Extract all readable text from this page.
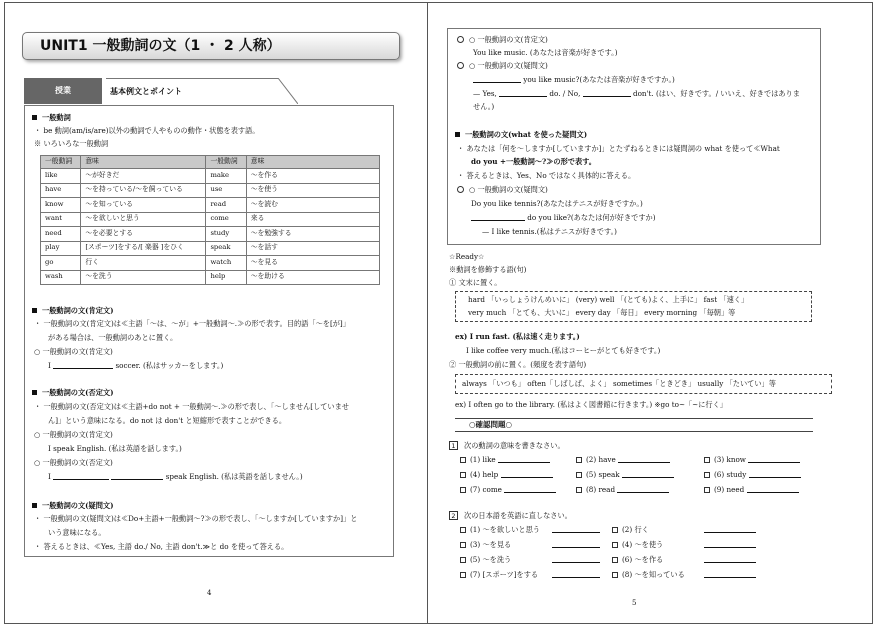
UNIT1 一般動詞の文（1 ・ 2 人称）
授業	基本例文とポイント
一般動詞
・ be 動詞(am/is/are)以外の動詞で人やものの動作・状態を表す語。
※ いろいろな一般動詞
一般動詞	意味	一般動詞	意味
like	～が好きだ	make	～を作る
have	～を持っている/～を飼っている	use	～を使う
know	～を知っている	read	～を読む
want	～を欲しいと思う	come	来る
need	～を必要とする	study	～を勉強する
play	[スポーツ]をする/[ 楽器 ]をひく	speak	～を話す
go	行く	watch	～を見る
wash	～を洗う	help	～を助ける
一般動詞の文(肯定文)
・ 一般動詞の文(肯定文)は≪主語「～は、～が」+一般動詞～.≫の形で表す。目的語「～を[が]」
がある場合は、一般動詞のあとに置く。
○ 一般動詞の文(肯定文)
I	soccer. (私はサッカーをします。)
一般動詞の文(否定文)
・ 一般動詞の文(否定文)は≪主語+do not + 一般動詞～.≫の形で表し、「～しません[していませ
ん]」という意味になる。do not は don't と短縮形で表すことができる。
○ 一般動詞の文(肯定文)
I speak English. (私は英語を話します。)
○ 一般動詞の文(否定文)
I	speak English. (私は英語を話しません。)
一般動詞の文(疑問文)
・ 一般動詞の文(疑問文)は≪Do+主語+一般動詞～?≫の形で表し、「～しますか[していますか]」と
いう意味になる。
・ 答えるときは、≪Yes, 主語 do./ No, 主語 don't.≫と do を使って答える。
4
○ 一般動詞の文(肯定文)
You like music. (あなたは音楽が好きです。)
○ 一般動詞の文(疑問文)
you like music?(あなたは音楽が好きですか。)
— Yes,	do. / No,	don't. (はい、好きです。/ いいえ、好きではありま
せん。)
一般動詞の文(what を使った疑問文)
・ あなたは「何を～しますか[していますか]」とたずねるときには疑問詞の what を使って≪What
do you +一般動詞～?≫の形で表す。
・ 答えるときは、Yes、No ではなく具体的に答える。
○ 一般動詞の文(疑問文)
Do you like tennis?(あなたはテニスが好きですか。)
do you like?(あなたは何が好きですか)
— I like tennis.(私はテニスが好きです。)
☆Ready☆
※動詞を修飾する語(句)
① 文末に置く。
hard 「いっしょうけんめいに」 (very) well 「(とても)よく、上手に」 fast 「速く」
very much 「とても、大いに」 every day 「毎日」 every morning 「毎朝」等
ex) I run fast. (私は速く走ります。)
I like coffee very much.(私はコーヒーがとても好きです。)
② 一般動詞の前に置く。(頻度を表す語句)
always 「いつも」 often「しばしば、よく」 sometimes「ときどき」 usually 「たいてい」等
ex) I often go to the library. (私はよく図書館に行きます。) ※go to~「~に行く」
○確認問題○
1 次の動詞の意味を書きなさい。
(1) like	(2) have	(3) know
(4) help	(5) speak	(6) study
(7) come	(8) read	(9) need
2 次の日本語を英語に直しなさい。
(1) ～を欲しいと思う	(2) 行く
(3) ～を見る	(4) ～を使う
(5) ～を洗う	(6) ～を作る
(7) [スポーツ]をする	(8) ～を知っている
5
